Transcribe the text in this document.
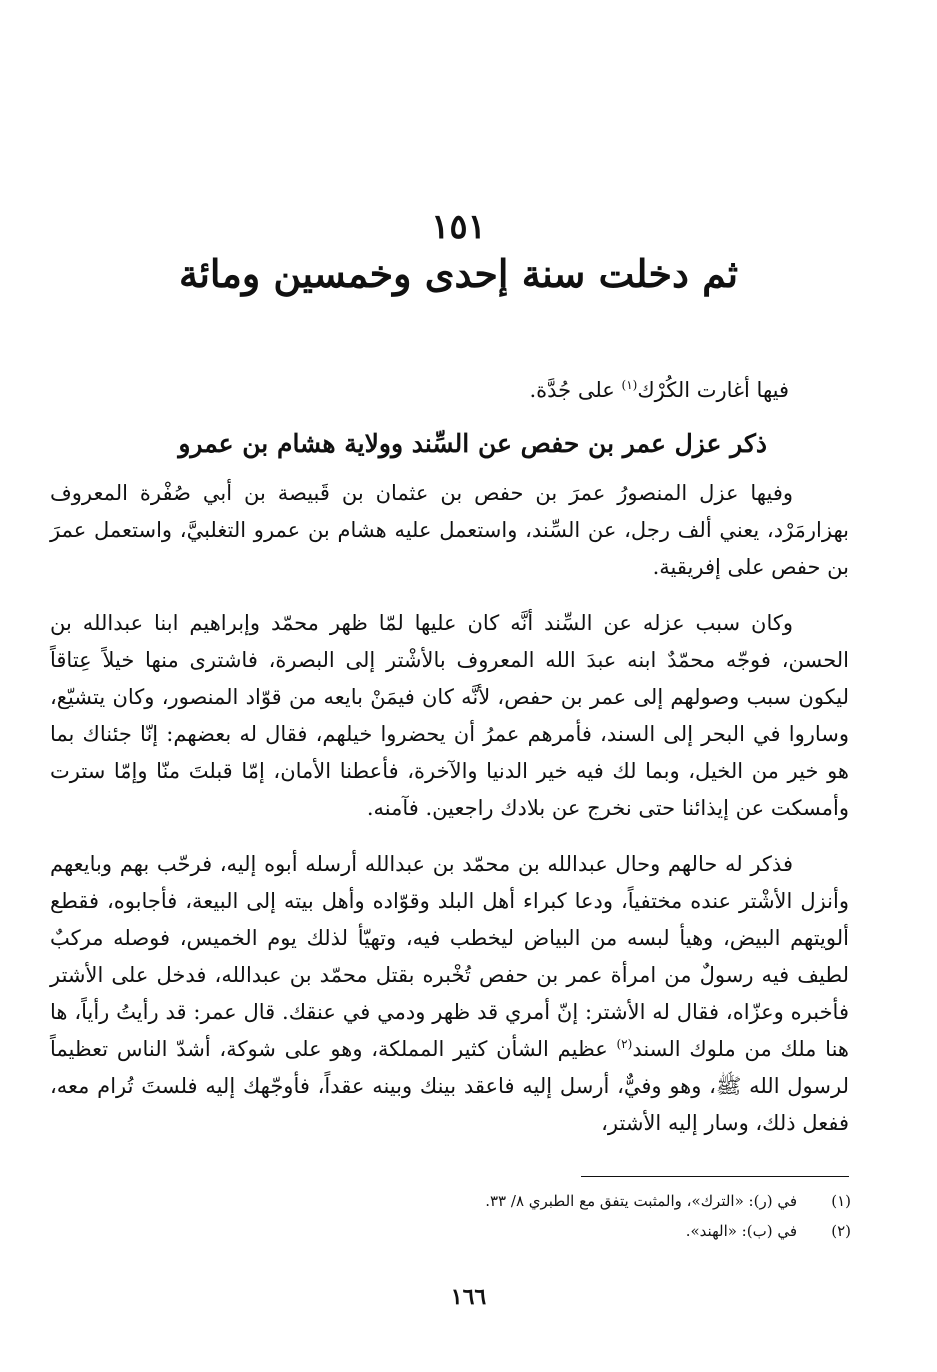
١٥١
ثم دخلت سنة إحدى وخمسين ومائة

فيها أغارت الكُرْك$^{(١)}$ على جُدَّة.

ذكر عزل عمر بن حفص عن السِّند وولاية هشام بن عمرو

وفيها عزل المنصورُ عمرَ بن حفص بن عثمان بن قَبيصة بن أبي صُفْرة المعروف بهزارمَرْد، يعني ألف رجل، عن السِّند، واستعمل عليه هشام بن عمرو التغلبيَّ، واستعمل عمرَ بن حفص على إفريقية.

وكان سبب عزله عن السِّند أنَّه كان عليها لمّا ظهر محمّد وإبراهيم ابنا عبدالله بن الحسن، فوجّه محمّدٌ ابنه عبدَ الله المعروف بالأشْتر إلى البصرة، فاشترى منها خيلاً عِتاقاً ليكون سبب وصولهم إلى عمر بن حفص، لأنَّه كان فيمَنْ بايعه من قوّاد المنصور، وكان يتشيّع، وساروا في البحر إلى السند، فأمرهم عمرُ أن يحضروا خيلهم، فقال له بعضهم: إنّا جئناك بما هو خير من الخيل، وبما لك فيه خير الدنيا والآخرة، فأعطنا الأمان، إمّا قبلتَ منّا وإمّا سترت وأمسكت عن إيذائنا حتى نخرج عن بلادك راجعين. فآمنه.

فذكر له حالهم وحال عبدالله بن محمّد بن عبدالله أرسله أبوه إليه، فرحّب بهم وبايعهم وأنزل الأشْتر عنده مختفياً، ودعا كبراء أهل البلد وقوّاده وأهل بيته إلى البيعة، فأجابوه، فقطع ألويتهم البيض، وهيأ لبسه من البياض ليخطب فيه، وتهيّأ لذلك يوم الخميس، فوصله مركبٌ لطيف فيه رسولٌ من امرأة عمر بن حفص تُخْبره بقتل محمّد بن عبدالله، فدخل على الأشتر فأخبره وعزّاه، فقال له الأشتر: إنّ أمري قد ظهر ودمي في عنقك. قال عمر: قد رأيتُ رأياً، ها هنا ملك من ملوك السند$^{(٢)}$ عظيم الشأن كثير المملكة، وهو على شوكة، أشدّ الناس تعظيماً لرسول الله ﷺ، وهو وفيٌّ، أرسل إليه فاعقد بينك وبينه عقداً، فأوجّهك إليه فلستَ تُرام معه، ففعل ذلك، وسار إليه الأشتر،

(١)
في (ر): «الترك»، والمثبت يتفق مع الطبري ٨/ ٣٣.
(٢)
في (ب): «الهند».
١٦٦
